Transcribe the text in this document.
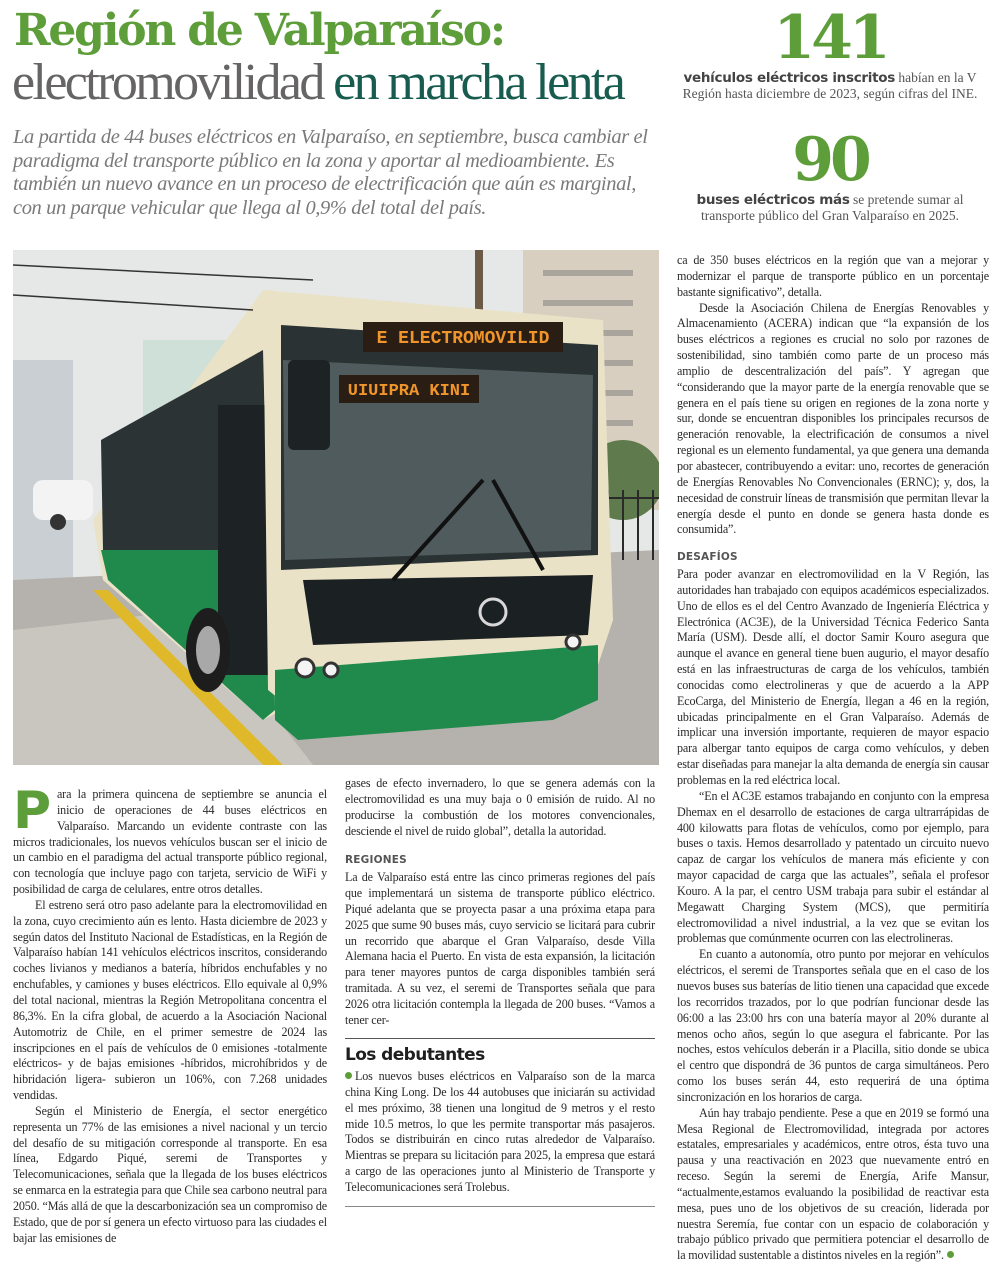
Región de Valparaíso:
electromovilidad en marcha lenta
La partida de 44 buses eléctricos en Valparaíso, en septiembre, busca cambiar el paradigma del transporte público en la zona y aportar al medioambiente. Es también un nuevo avance en un proceso de electrificación que aún es marginal, con un parque vehicular que llega al 0,9% del total del país.
141
vehículos eléctricos inscritos habían en la V Región hasta diciembre de 2023, según cifras del INE.
90
buses eléctricos más se pretende sumar al transporte público del Gran Valparaíso en 2025.
E ELECTROMOVILID
UIUIPRA KINI

Para la primera quincena de septiembre se anuncia el inicio de operaciones de 44 buses eléctricos en Valparaíso. Marcando un evidente contraste con las micros tradicionales, los nuevos vehículos buscan ser el inicio de un cambio en el paradigma del actual transporte público regional, con tecnología que incluye pago con tarjeta, servicio de WiFi y posibilidad de carga de celulares, entre otros detalles.

El estreno será otro paso adelante para la electromovilidad en la zona, cuyo crecimiento aún es lento. Hasta diciembre de 2023 y según datos del Instituto Nacional de Estadísticas, en la Región de Valparaíso habían 141 vehículos eléctricos inscritos, considerando coches livianos y medianos a batería, híbridos enchufables y no enchufables, y camiones y buses eléctricos. Ello equivale al 0,9% del total nacional, mientras la Región Metropolitana concentra el 86,3%. En la cifra global, de acuerdo a la Asociación Nacional Automotriz de Chile, en el primer semestre de 2024 las inscripciones en el país de vehículos de 0 emisiones -totalmente eléctricos- y de bajas emisiones -híbridos, microhíbridos y de hibridación ligera- subieron un 106%, con 7.268 unidades vendidas.

Según el Ministerio de Energía, el sector energético representa un 77% de las emisiones a nivel nacional y un tercio del desafío de su mitigación corresponde al transporte. En esa línea, Edgardo Piqué, seremi de Transportes y Telecomunicaciones, señala que la llegada de los buses eléctricos se enmarca en la estrategia para que Chile sea carbono neutral para 2050. “Más allá de que la descarbonización sea un compromiso de Estado, que de por sí genera un efecto virtuoso para las ciudades el bajar las emisiones de

gases de efecto invernadero, lo que se genera además con la electromovilidad es una muy baja o 0 emisión de ruido. Al no producirse la combustión de los motores convencionales, desciende el nivel de ruido global”, detalla la autoridad.

REGIONES

La de Valparaíso está entre las cinco primeras regiones del país que implementará un sistema de transporte público eléctrico. Piqué adelanta que se proyecta pasar a una próxima etapa para 2025 que sume 90 buses más, cuyo servicio se licitará para cubrir un recorrido que abarque el Gran Valparaíso, desde Villa Alemana hacia el Puerto. En vista de esta expansión, la licitación para tener mayores puntos de carga disponibles también será tramitada. A su vez, el seremi de Transportes señala que para 2026 otra licitación contempla la llegada de 200 buses. “Vamos a tener cer-

Los debutantes

Los nuevos buses eléctricos en Valparaíso son de la marca china King Long. De los 44 autobuses que iniciarán su actividad el mes próximo, 38 tienen una longitud de 9 metros y el resto mide 10.5 metros, lo que les permite transportar más pasajeros. Todos se distribuirán en cinco rutas alrededor de Valparaíso. Mientras se prepara su licitación para 2025, la empresa que estará a cargo de las operaciones junto al Ministerio de Transporte y Telecomunicaciones será Trolebus.

ca de 350 buses eléctricos en la región que van a mejorar y modernizar el parque de transporte público en un porcentaje bastante significativo”, detalla.

Desde la Asociación Chilena de Energías Renovables y Almacenamiento (ACERA) indican que “la expansión de los buses eléctricos a regiones es crucial no solo por razones de sostenibilidad, sino también como parte de un proceso más amplio de descentralización del país”. Y agregan que “considerando que la mayor parte de la energía renovable que se genera en el país tiene su origen en regiones de la zona norte y sur, donde se encuentran disponibles los principales recursos de generación renovable, la electrificación de consumos a nivel regional es un elemento fundamental, ya que genera una demanda por abastecer, contribuyendo a evitar: uno, recortes de generación de Energías Renovables No Convencionales (ERNC); y, dos, la necesidad de construir líneas de transmisión que permitan llevar la energía desde el punto en donde se genera hasta donde es consumida”.

DESAFÍOS

Para poder avanzar en electromovilidad en la V Región, las autoridades han trabajado con equipos académicos especializados. Uno de ellos es el del Centro Avanzado de Ingeniería Eléctrica y Electrónica (AC3E), de la Universidad Técnica Federico Santa María (USM). Desde allí, el doctor Samir Kouro asegura que aunque el avance en general tiene buen augurio, el mayor desafío está en las infraestructuras de carga de los vehículos, también conocidas como electrolineras y que de acuerdo a la APP EcoCarga, del Ministerio de Energía, llegan a 46 en la región, ubicadas principalmente en el Gran Valparaíso. Además de implicar una inversión importante, requieren de mayor espacio para albergar tanto equipos de carga como vehículos, y deben estar diseñadas para manejar la alta demanda de energía sin causar problemas en la red eléctrica local.

“En el AC3E estamos trabajando en conjunto con la empresa Dhemax en el desarrollo de estaciones de carga ultrarrápidas de 400 kilowatts para flotas de vehículos, como por ejemplo, para buses o taxis. Hemos desarrollado y patentado un circuito nuevo capaz de cargar los vehículos de manera más eficiente y con mayor capacidad de carga que las actuales”, señala el profesor Kouro. A la par, el centro USM trabaja para subir el estándar al Megawatt Charging System (MCS), que permitiría electromovilidad a nivel industrial, a la vez que se evitan los problemas que comúnmente ocurren con las electrolineras.

En cuanto a autonomía, otro punto por mejorar en vehículos eléctricos, el seremi de Transportes señala que en el caso de los nuevos buses sus baterías de litio tienen una capacidad que excede los recorridos trazados, por lo que podrían funcionar desde las 06:00 a las 23:00 hrs con una batería mayor al 20% durante al menos ocho años, según lo que asegura el fabricante. Por las noches, estos vehículos deberán ir a Placilla, sitio donde se ubica el centro que dispondrá de 36 puntos de carga simultáneos. Pero como los buses serán 44, esto requerirá de una óptima sincronización en los horarios de carga.

Aún hay trabajo pendiente. Pese a que en 2019 se formó una Mesa Regional de Electromovilidad, integrada por actores estatales, empresariales y académicos, entre otros, ésta tuvo una pausa y una reactivación en 2023 que nuevamente entró en receso. Según la seremi de Energía, Arife Mansur, “actualmente,estamos evaluando la posibilidad de reactivar esta mesa, pues uno de los objetivos de su creación, liderada por nuestra Seremía, fue contar con un espacio de colaboración y trabajo público privado que permitiera potenciar el desarrollo de la movilidad sustentable a distintos niveles en la región”.
